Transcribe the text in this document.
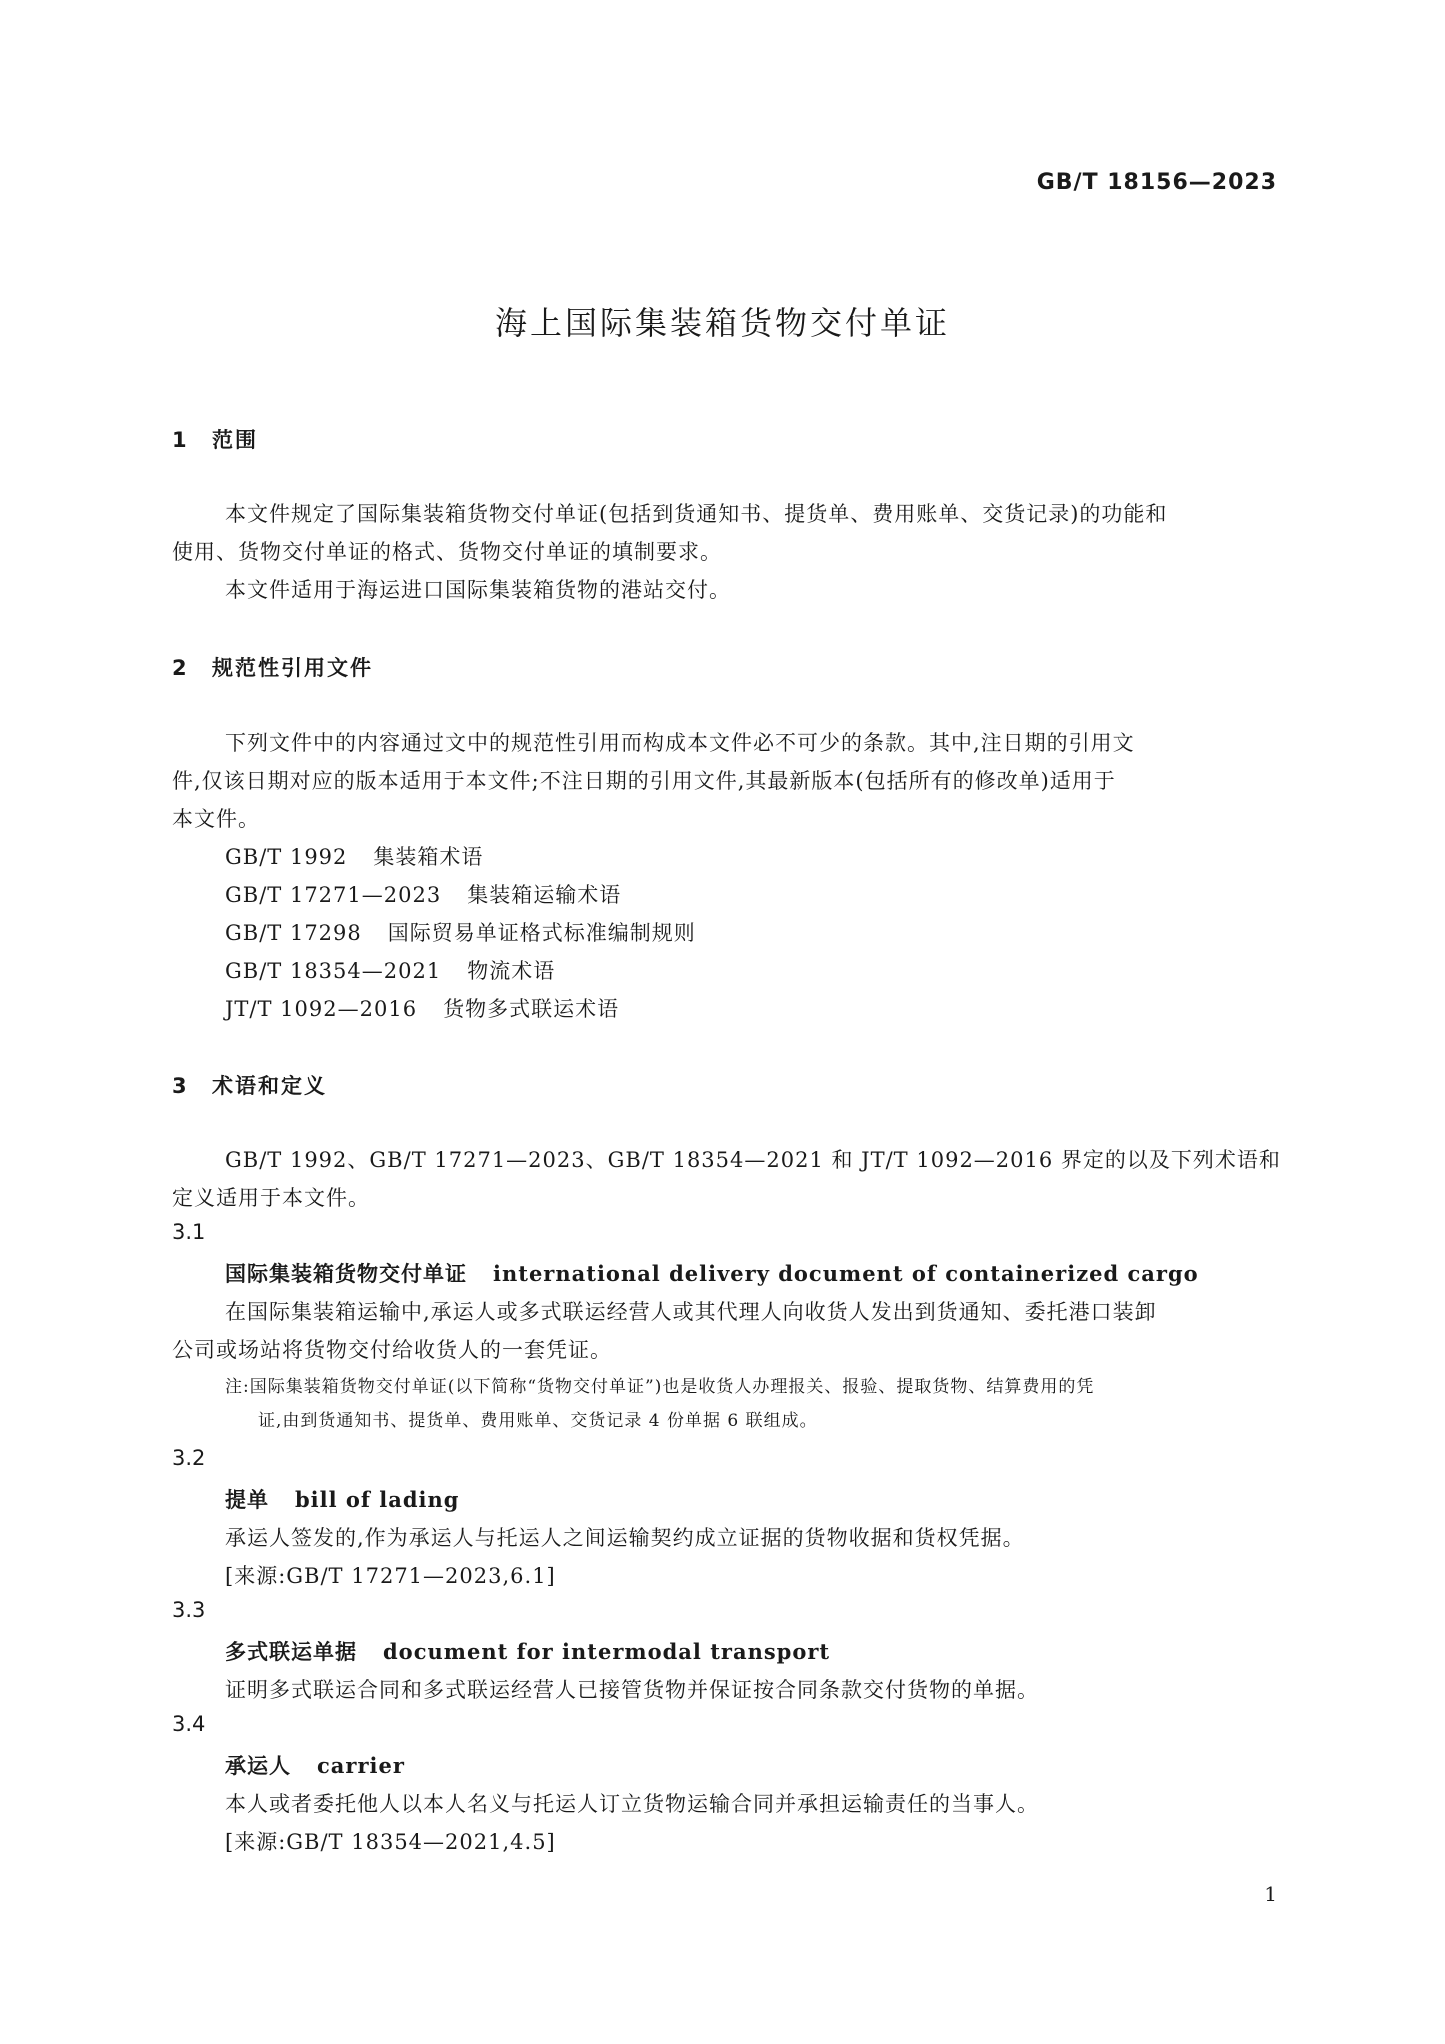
GB/T 18156—2023
海上国际集装箱货物交付单证
1 范围
本文件规定了国际集装箱货物交付单证(包括到货通知书、提货单、费用账单、交货记录)的功能和
使用、货物交付单证的格式、货物交付单证的填制要求。
本文件适用于海运进口国际集装箱货物的港站交付。
2 规范性引用文件
下列文件中的内容通过文中的规范性引用而构成本文件必不可少的条款。其中,注日期的引用文
件,仅该日期对应的版本适用于本文件;不注日期的引用文件,其最新版本(包括所有的修改单)适用于
本文件。
GB/T 1992 集装箱术语
GB/T 17271—2023 集装箱运输术语
GB/T 17298 国际贸易单证格式标准编制规则
GB/T 18354—2021 物流术语
JT/T 1092—2016 货物多式联运术语
3 术语和定义
GB/T 1992、GB/T 17271—2023、GB/T 18354—2021 和 JT/T 1092—2016 界定的以及下列术语和
定义适用于本文件。
3.1
国际集装箱货物交付单证 international delivery document of containerized cargo
在国际集装箱运输中,承运人或多式联运经营人或其代理人向收货人发出到货通知、委托港口装卸
公司或场站将货物交付给收货人的一套凭证。
注:国际集装箱货物交付单证(以下简称“货物交付单证”)也是收货人办理报关、报验、提取货物、结算费用的凭
证,由到货通知书、提货单、费用账单、交货记录 4 份单据 6 联组成。
3.2
提单 bill of lading
承运人签发的,作为承运人与托运人之间运输契约成立证据的货物收据和货权凭据。
[来源:GB/T 17271—2023,6.1]
3.3
多式联运单据 document for intermodal transport
证明多式联运合同和多式联运经营人已接管货物并保证按合同条款交付货物的单据。
3.4
承运人 carrier
本人或者委托他人以本人名义与托运人订立货物运输合同并承担运输责任的当事人。
[来源:GB/T 18354—2021,4.5]
1
